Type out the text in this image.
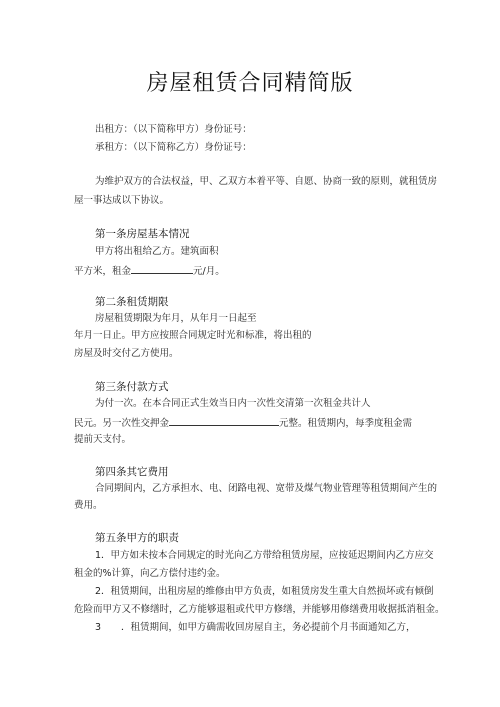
房屋租赁合同精简版
出租方：（以下简称甲方）身份证号：
承租方：（以下简称乙方）身份证号：
为维护双方的合法权益，甲、乙双方本着平等、自愿、协商一致的原则，就租赁房
屋一事达成以下协议。
第一条房屋基本情况
甲方将出租给乙方。建筑面积
平方米，租金	元/月。
第二条租赁期限
房屋租赁期限为年月，从年月一日起至
年月一日止。甲方应按照合同规定时光和标准，将出租的
房屋及时交付乙方使用。
第三条付款方式
为付一次。在本合同正式生效当日内一次性交清第一次租金共计人
民元。另一次性交押金	元整。租赁期内，每季度租金需
提前天支付。
第四条其它费用
合同期间内，乙方承担水、电、闭路电视、宽带及煤气物业管理等租赁期间产生的
费用。
第五条甲方的职责
1．甲方如未按本合同规定的时光向乙方带给租赁房屋，应按延迟期间内乙方应交
租金的%计算，向乙方偿付违约金。
2．租赁期间，出租房屋的维修由甲方负责，如租赁房发生重大自然损坏或有倾倒
危险而甲方又不修缮时，乙方能够退租或代甲方修缮，并能够用修缮费用收据抵消租金。
3 ．租赁期间，如甲方确需收回房屋自主，务必提前个月书面通知乙方，
